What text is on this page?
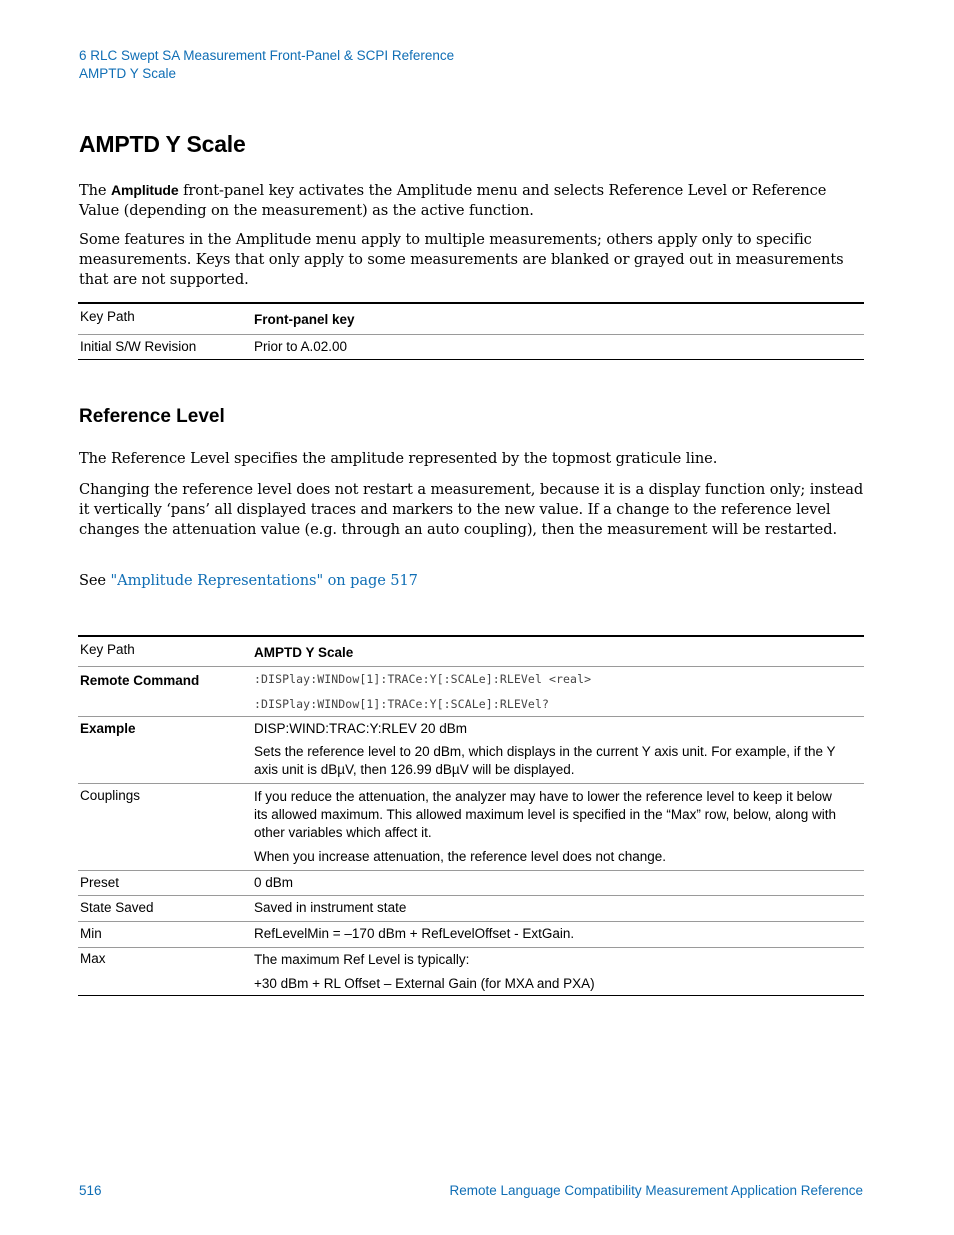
6 RLC Swept SA Measurement Front-Panel & SCPI Reference
AMPTD Y Scale
AMPTD Y Scale

The Amplitude front-panel key activates the Amplitude menu and selects Reference Level or Reference Value (depending on the measurement) as the active function.

Some features in the Amplitude menu apply to multiple measurements; others apply only to specific measurements. Keys that only apply to some measurements are blanked or grayed out in measurements that are not supported.

Key Path	Front-panel key
Initial S/W Revision	Prior to A.02.00
Reference Level

The Reference Level specifies the amplitude represented by the topmost graticule line.

Changing the reference level does not restart a measurement, because it is a display function only; instead it vertically ‘pans’ all displayed traces and markers to the new value. If a change to the reference level changes the attenuation value (e.g. through an auto coupling), then the measurement will be restarted.

See "Amplitude Representations" on page 517

Key Path	AMPTD Y Scale
Remote Command	:DISPlay:WINDow[1]:TRACe:Y[:SCALe]:RLEVel <real>
:DISPlay:WINDow[1]:TRACe:Y[:SCALe]:RLEVel?

Example	DISP:WIND:TRAC:Y:RLEV 20 dBm

Sets the reference level to 20 dBm, which displays in the current Y axis unit. For example, if the Y axis unit is dBµV, then 126.99 dBµV will be displayed.

Couplings	If you reduce the attenuation, the analyzer may have to lower the reference level to keep it below its allowed maximum. This allowed maximum level is specified in the “Max” row, below, along with other variables which affect it.

When you increase attenuation, the reference level does not change.

Preset	0 dBm
State Saved	Saved in instrument state
Min	RefLevelMin = –170 dBm + RefLevelOffset - ExtGain.
Max	The maximum Ref Level is typically:

+30 dBm + RL Offset – External Gain (for MXA and PXA)

516	Remote Language Compatibility Measurement Application Reference
